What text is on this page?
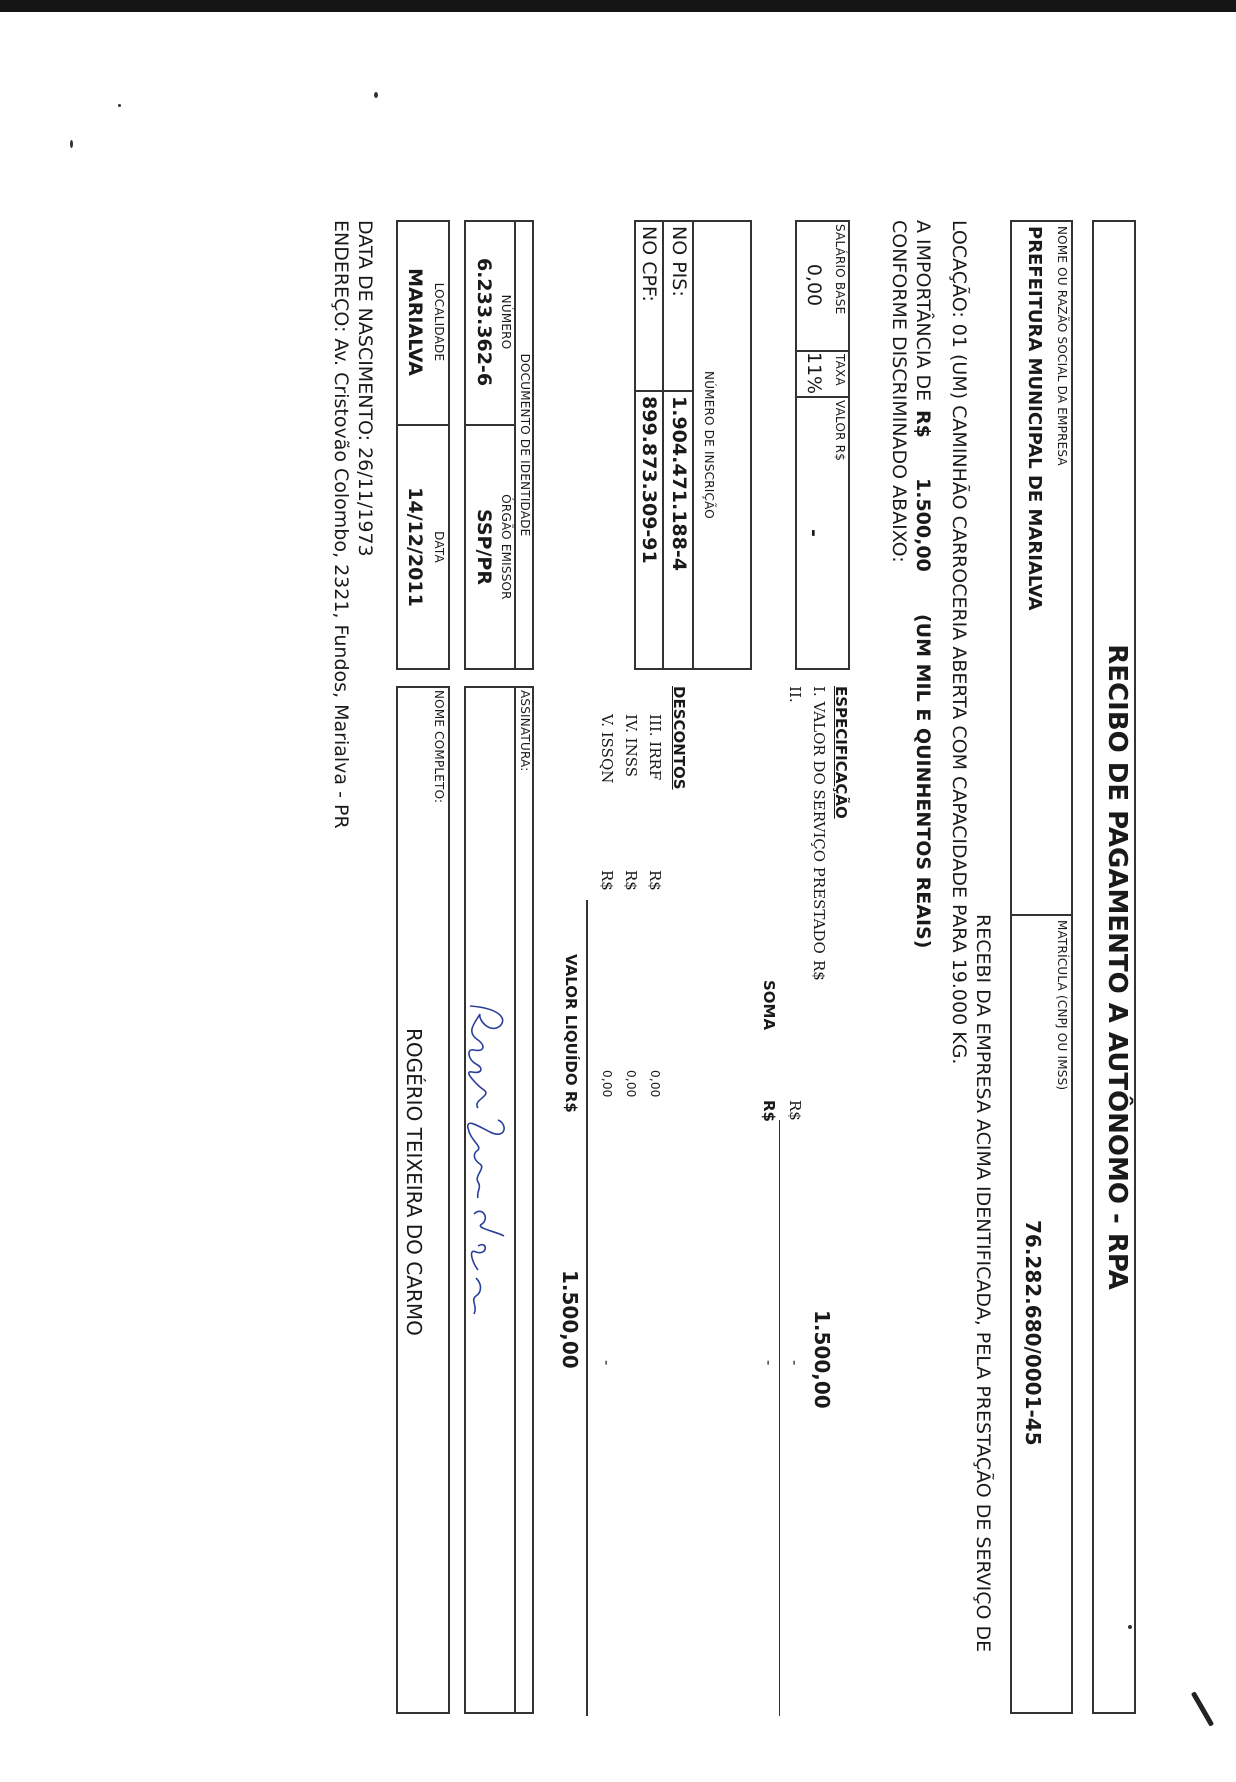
RECIBO DE PAGAMENTO A AUTÔNOMO - RPA
NOME OU RAZÃO SOCIAL DA EMPRESA
PREFEITURA MUNICIPAL DE MARIALVA
MATRÍCULA (CNPJ OU IMSS)
76.282.680/0001-45
RECEBI DA EMPRESA ACIMA IDENTIFICADA, PELA PRESTAÇÃO DE SERVIÇO DE
LOCAÇÃO: 01 (UM) CAMINHÃO CARROCERIA ABERTA COM CAPACIDADE PARA 19.000 KG.
A IMPORTÂNCIA DE
R$
1.500,00
(UM MIL E QUINHENTOS REAIS)
CONFORME DISCRIMINADO ABAIXO:
SALÁRIO BASE
TAXA
VALOR R$
0,00
11%
-
ESPECIFICAÇÃO
I. VALOR DO SERVIÇO PRESTADO
R$
1.500,00
II.
R$
-
SOMA
R$
-
NÚMERO DE INSCRIÇÃO
NO PIS:
1.904.471.188-4
NO CPF:
899.873.309-91
DESCONTOS
III. IRRF
R$
0,00
IV. INSS
R$
0,00
V. ISSQN
R$
0,00
-
VALOR LIQUÍDO R$
1.500,00
DOCUMENTO DE IDENTIDADE
NÚMERO
ÓRGÃO EMISSOR
6.233.362-6
SSP/PR
ASSINATURA:
LOCALIDADE
DATA
MARIALVA
14/12/2011
NOME COMPLETO:
ROGÉRIO TEIXEIRA DO CARMO
DATA DE NASCIMENTO: 26/11/1973
ENDEREÇO: Av. Cristovão Colombo, 2321, Fundos, Marialva - PR
